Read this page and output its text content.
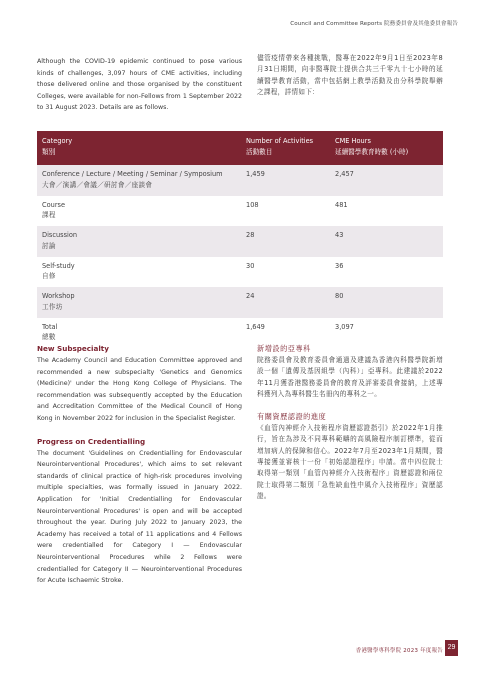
Council and Committee Reports 院務委員會及其他委員會報告

Although the COVID-19 epidemic continued to pose various kinds of challenges, 3,097 hours of CME activities, including those delivered online and those organised by the constituent Colleges, were available for non-Fellows from 1 September 2022 to 31 August 2023. Details are as follows.

儘管疫情帶來各種挑戰，醫專在2022年9月1日至2023年8月31日期間，向非醫專院士提供合共三千零九十七小時的延續醫學教育活動，當中包括網上教學活動及由分科學院舉辦之課程，詳情如下：

Category
類別
Number of Activities
活動數目
CME Hours
延續醫學教育時數 (小時)
Conference / Lecture / Meeting / Seminar / Symposium
大會／演講／會議／研討會／座談會
1,459	2,457
Course
課程
108	481
Discussion
討論
28	43
Self-study
自修
30	36
Workshop
工作坊
24	80
Total
總數
1,649	3,097
New Subspecialty

The Academy Council and Education Committee approved and recommended a new subspecialty 'Genetics and Genomics (Medicine)' under the Hong Kong College of Physicians. The recommendation was subsequently accepted by the Education and Accreditation Committee of the Medical Council of Hong Kong in November 2022 for inclusion in the Specialist Register.

Progress on Credentialling

The document 'Guidelines on Credentialling for Endovascular Neurointerventional Procedures', which aims to set relevant standards of clinical practice of high-risk procedures involving multiple specialties, was formally issued in January 2022. Application for 'Initial Credentialling for Endovascular Neurointerventional Procedures' is open and will be accepted throughout the year. During July 2022 to January 2023, the Academy has received a total of 11 applications and 4 Fellows were credentialled for Category I — Endovascular Neurointerventional Procedures while 2 Fellows were credentialled for Category II — Neurointerventional Procedures for Acute Ischaemic Stroke.

新增設的亞專科

院務委員會及教育委員會通過及建議為香港內科醫學院新增設一個「遺傳及基因組學（內科）」亞專科。此建議於2022年11月獲香港醫務委員會的教育及評審委員會接納，上述專科獲列入為專科醫生名冊內的專科之一。

有關資歷認證的進度

《血管內神經介入技術程序資歷認證指引》於2022年1月推行，旨在為涉及不同專科範疇的高風險程序制訂標準，從而增加病人的保障和信心。2022年7月至2023年1月期間，醫專接獲並審核十一份「初始認證程序」申請。當中四位院士取得第一類別「血管內神經介入技術程序」資歷認證和兩位院士取得第二類別「急性缺血性中風介入技術程序」資歷認證。

香港醫學專科學院 2023 年度報告 29
